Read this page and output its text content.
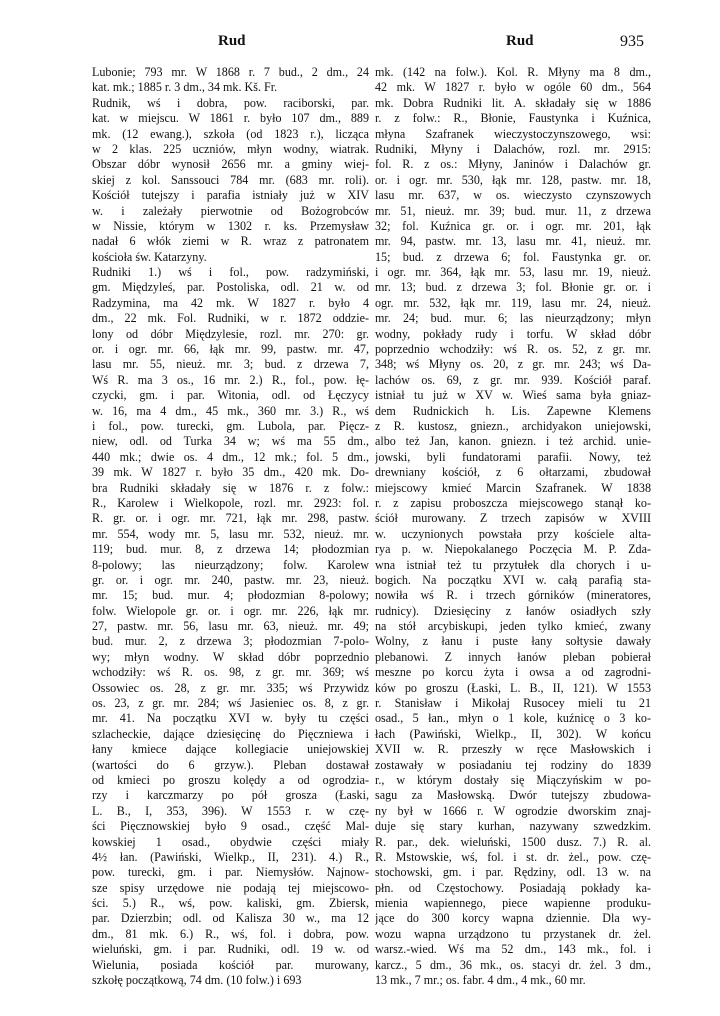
Rud	Rud	935
Lubonie; 793 mr. W 1868 r. 7 bud., 2 dm., 24
kat. mk.; 1885 r. 3 dm., 34 mk. Kš. Fr.
Rudnik, wś i dobra, pow. raciborski, par.
kat. w miejscu. W 1861 r. było 107 dm., 889
mk. (12 ewang.), szkoła (od 1823 r.), licząca
w 2 klas. 225 uczniów, młyn wodny, wiatrak.
Obszar dóbr wynosił 2656 mr. a gminy wiej-
skiej z kol. Sanssouci 784 mr. (683 mr. roli).
Kościół tutejszy i parafia istniały już w XIV
w. i zależały pierwotnie od Bożogrobców
w Nissie, którym w 1302 r. ks. Przemysław
nadał 6 włók ziemi w R. wraz z patronatem
kościoła św. Katarzyny.
Rudniki 1.) wś i fol., pow. radzymiński,
gm. Międzyleś, par. Postoliska, odl. 21 w. od
Radzymina, ma 42 mk. W 1827 r. było 4
dm., 22 mk. Fol. Rudniki, w r. 1872 oddzie-
lony od dóbr Międzylesie, rozl. mr. 270: gr.
or. i ogr. mr. 66, łąk mr. 99, pastw. mr. 47,
lasu mr. 55, nieuż. mr. 3; bud. z drzewa 7,
Wś R. ma 3 os., 16 mr. 2.) R., fol., pow. łę-
czycki, gm. i par. Witonia, odl. od Łęczycy
w. 16, ma 4 dm., 45 mk., 360 mr. 3.) R., wś
i fol., pow. turecki, gm. Lubola, par. Pięcz-
niew, odl. od Turka 34 w; wś ma 55 dm.,
440 mk.; dwie os. 4 dm., 12 mk.; fol. 5 dm.,
39 mk. W 1827 r. było 35 dm., 420 mk. Do-
bra Rudniki składały się w 1876 r. z folw.:
R., Karolew i Wielkopole, rozl. mr. 2923: fol.
R. gr. or. i ogr. mr. 721, łąk mr. 298, pastw.
mr. 554, wody mr. 5, lasu mr. 532, nieuż. mr.
119; bud. mur. 8, z drzewa 14; płodozmian
8-polowy; las nieurządzony; folw. Karolew
gr. or. i ogr. mr. 240, pastw. mr. 23, nieuż.
mr. 15; bud. mur. 4; płodozmian 8-polowy;
folw. Wielopole gr. or. i ogr. mr. 226, łąk mr.
27, pastw. mr. 56, lasu mr. 63, nieuż. mr. 49;
bud. mur. 2, z drzewa 3; płodozmian 7-polo-
wy; młyn wodny. W skład dóbr poprzednio
wchodziły: wś R. os. 98, z gr. mr. 369; wś
Ossowiec os. 28, z gr. mr. 335; wś Przywidz
os. 23, z gr. mr. 284; wś Jasieniec os. 8, z gr.
mr. 41. Na początku XVI w. były tu części
szlacheckie, dające dziesięcinę do Pięczniewa i
łany kmiece dające kollegiacie uniejowskiej
(wartości do 6 grzyw.). Pleban dostawał
od kmieci po groszu kolędy a od ogrodzia-
rzy i karczmarzy po pół grosza (Łaski,
L. B., I, 353, 396). W 1553 r. w czę-
ści Pięcznowskiej było 9 osad., część Mal-
kowskiej 1 osad., obydwie części miały
4½ łan. (Pawiński, Wielkp., II, 231). 4.) R.,
pow. turecki, gm. i par. Niemysłów. Najnow-
sze spisy urzędowe nie podają tej miejscowo-
ści. 5.) R., wś, pow. kaliski, gm. Zbiersk,
par. Dzierzbin; odl. od Kalisza 30 w., ma 12
dm., 81 mk. 6.) R., wś, fol. i dobra, pow.
wieluński, gm. i par. Rudniki, odl. 19 w. od
Wielunia, posiada kościół par. murowany,
szkołę początkową, 74 dm. (10 folw.) i 693
mk. (142 na folw.). Kol. R. Młyny ma 8 dm.,
42 mk. W 1827 r. było w ogóle 60 dm., 564
mk. Dobra Rudniki lit. A. składały się w 1886
r. z folw.: R., Błonie, Faustynka i Kuźnica,
młyna Szafranek wieczystoczynszowego, wsi:
Rudniki, Młyny i Dalachów, rozl. mr. 2915:
fol. R. z os.: Młyny, Janinów i Dalachów gr.
or. i ogr. mr. 530, łąk mr. 128, pastw. mr. 18,
lasu mr. 637, w os. wieczysto czynszowych
mr. 51, nieuż. mr. 39; bud. mur. 11, z drzewa
32; fol. Kuźnica gr. or. i ogr. mr. 201, łąk
mr. 94, pastw. mr. 13, lasu mr. 41, nieuż. mr.
15; bud. z drzewa 6; fol. Faustynka gr. or.
i ogr. mr. 364, łąk mr. 53, lasu mr. 19, nieuż.
mr. 13; bud. z drzewa 3; fol. Błonie gr. or. i
ogr. mr. 532, łąk mr. 119, lasu mr. 24, nieuż.
mr. 24; bud. mur. 6; las nieurządzony; młyn
wodny, pokłady rudy i torfu. W skład dóbr
poprzednio wchodziły: wś R. os. 52, z gr. mr.
348; wś Młyny os. 20, z gr. mr. 243; wś Da-
lachów os. 69, z gr. mr. 939. Kościół paraf.
istniał tu już w XV w. Wieś sama była gniaz-
dem Rudnickich h. Lis. Zapewne Klemens
z R. kustosz, gniezn., archidyakon uniejowski,
albo też Jan, kanon. gniezn. i też archid. unie-
jowski, byli fundatorami parafii. Nowy, też
drewniany kościół, z 6 ołtarzami, zbudował
miejscowy kmieć Marcin Szafranek. W 1838
r. z zapisu proboszcza miejscowego stanął ko-
ściół murowany. Z trzech zapisów w XVIII
w. uczynionych powstała przy kościele alta-
rya p. w. Niepokalanego Poczęcia M. P. Zda-
wna istniał też tu przytułek dla chorych i u-
bogich. Na początku XVI w. całą parafią sta-
nowiła wś R. i trzech górników (mineratores,
rudnicy). Dziesięciny z łanów osiadłych szły
na stół arcybiskupi, jeden tylko kmieć, zwany
Wolny, z łanu i puste łany sołtysie dawały
plebanowi. Z innych łanów pleban pobierał
meszne po korcu żyta i owsa a od zagrodni-
ków po groszu (Łaski, L. B., II, 121). W 1553
r. Stanisław i Mikołaj Rusocey mieli tu 21
osad., 5 łan., młyn o 1 kole, kuźnicę o 3 ko-
łach (Pawiński, Wielkp., II, 302). W końcu
XVII w. R. przeszły w ręce Masłowskich i
zostawały w posiadaniu tej rodziny do 1839
r., w którym dostały się Miączyńskim w po-
sagu za Masłowską. Dwór tutejszy zbudowa-
ny był w 1666 r. W ogrodzie dworskim znaj-
duje się stary kurhan, nazywany szwedzkim.
R. par., dek. wieluński, 1500 dusz. 7.) R. al.
R. Mstowskie, wś, fol. i st. dr. żel., pow. czę-
stochowski, gm. i par. Rędziny, odl. 13 w. na
płn. od Częstochowy. Posiadają pokłady ka-
mienia wapiennego, piece wapienne produku-
jące do 300 korcy wapna dziennie. Dla wy-
wozu wapna urządzono tu przystanek dr. żel.
warsz.-wied. Wś ma 52 dm., 143 mk., fol. i
karcz., 5 dm., 36 mk., os. stacyi dr. żel. 3 dm.,
13 mk., 7 mr.; os. fabr. 4 dm., 4 mk., 60 mr.
